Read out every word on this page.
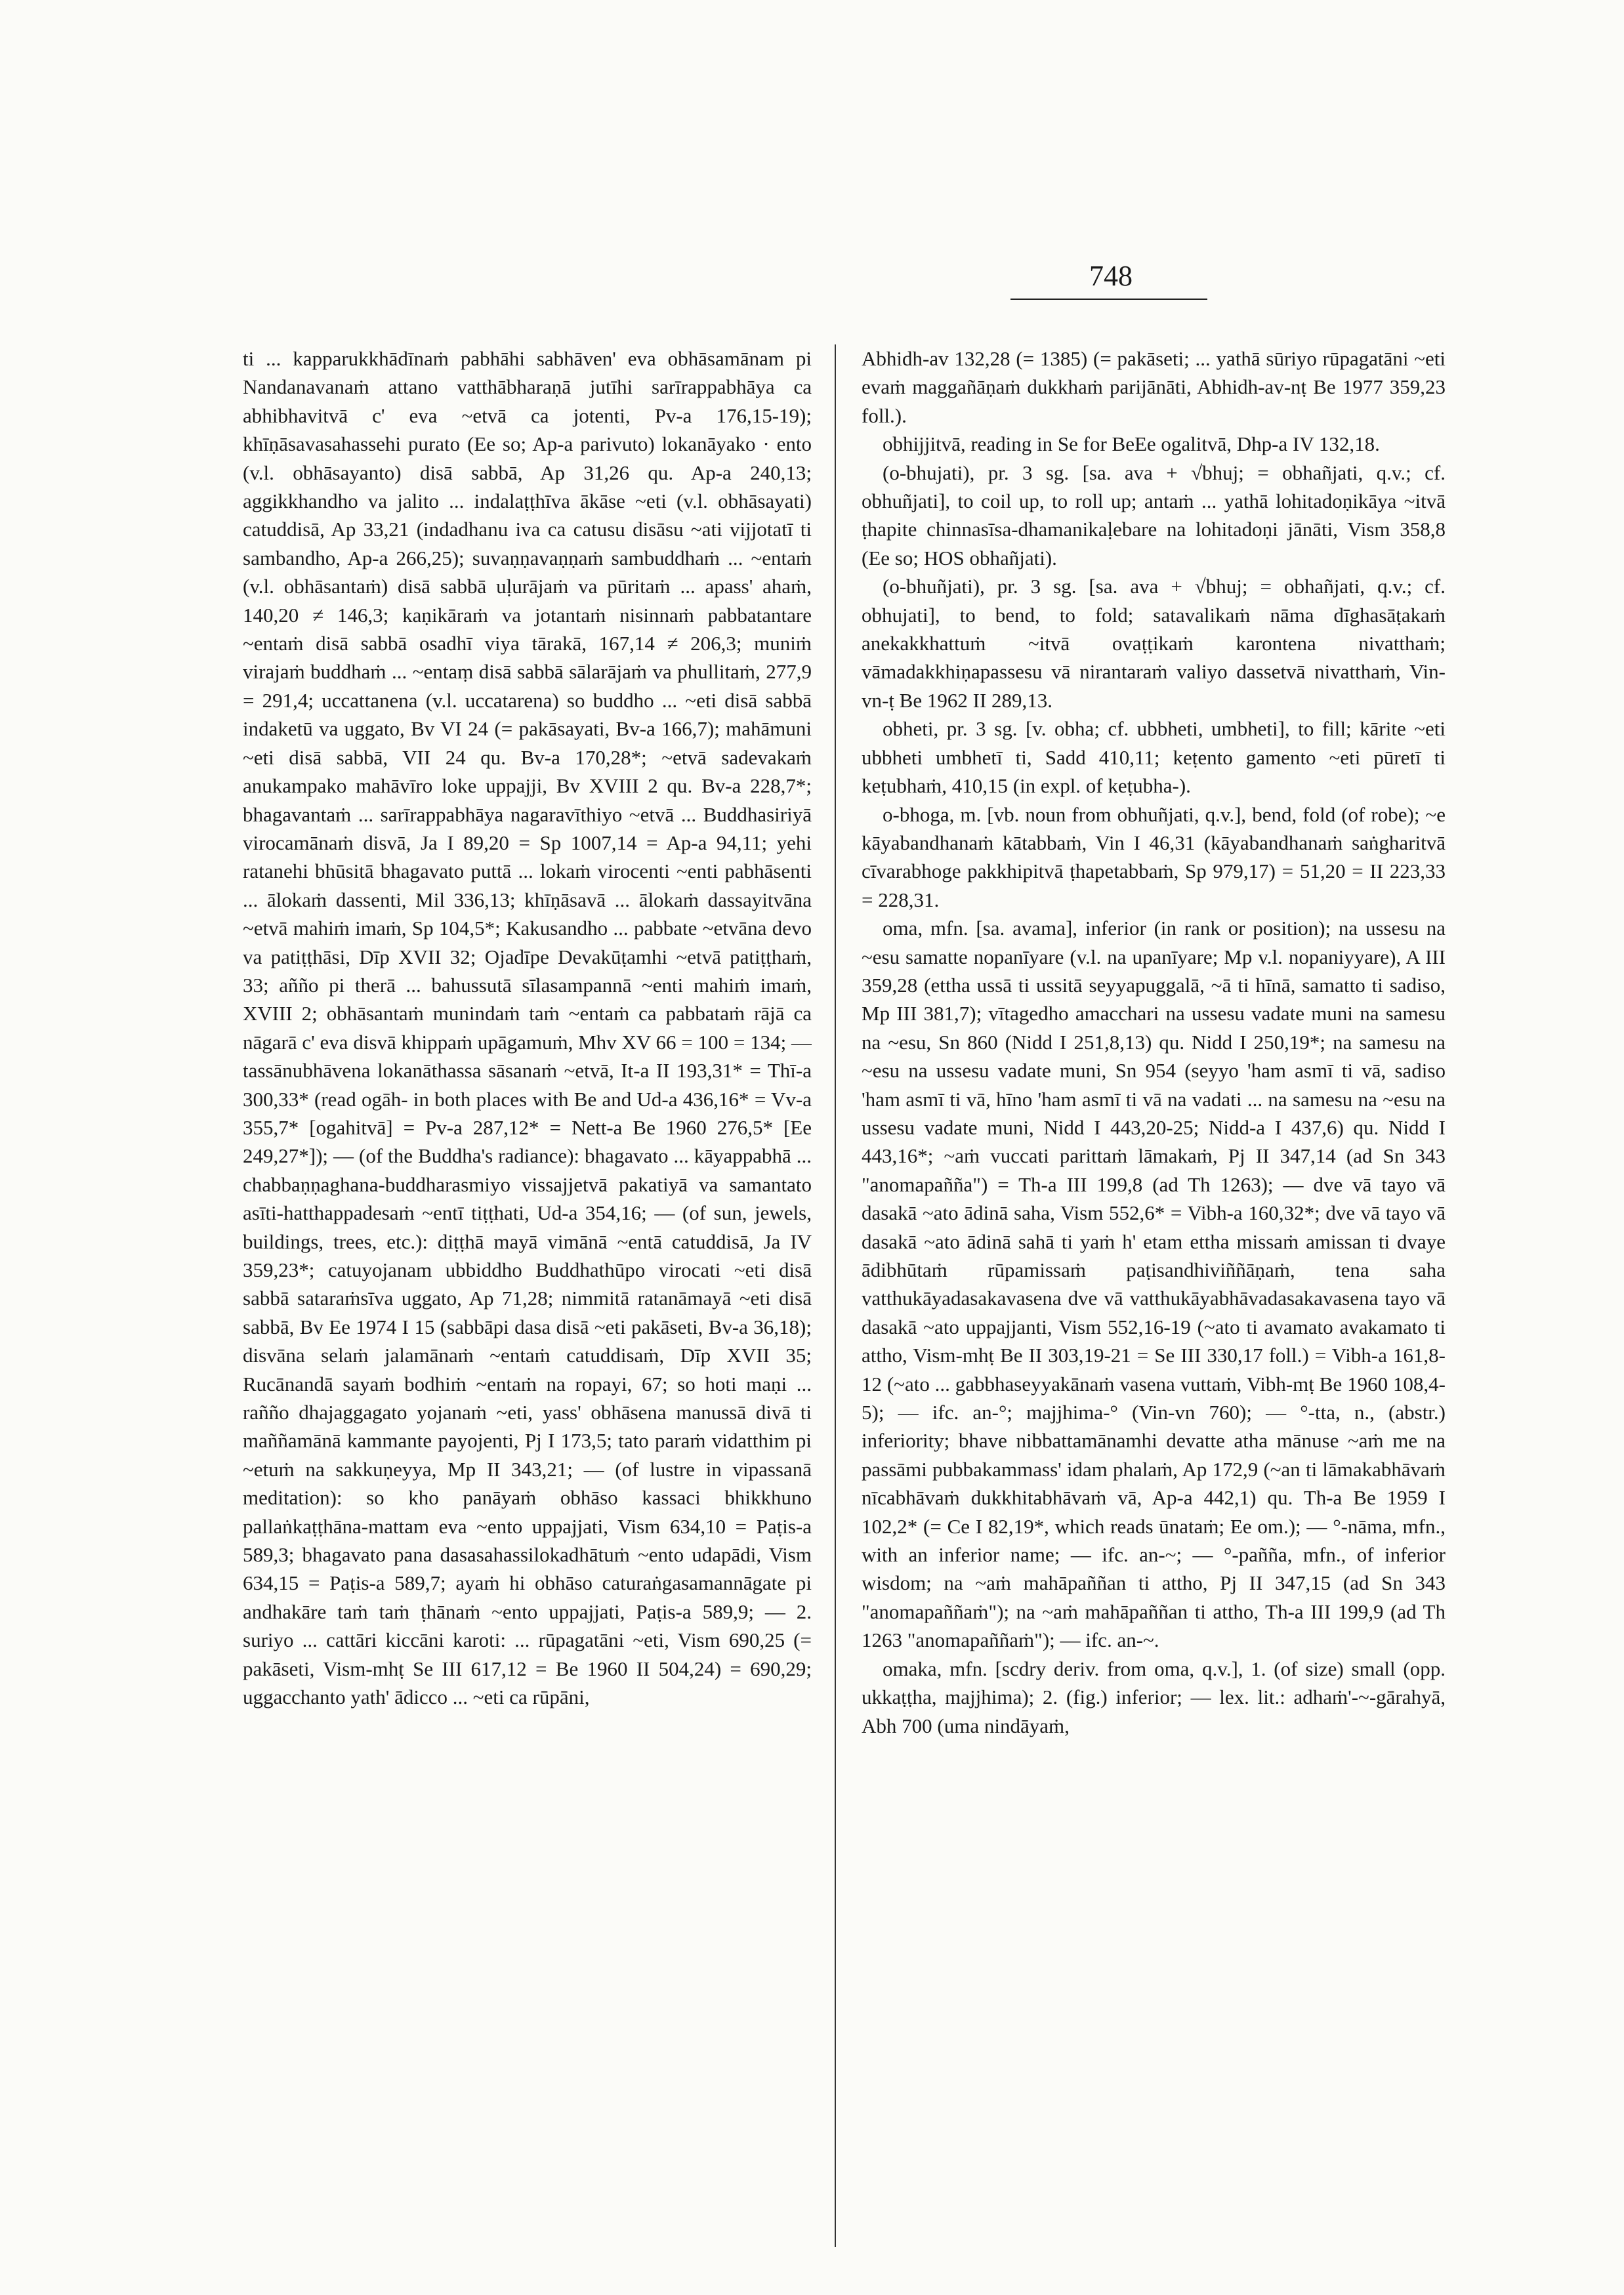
748

ti ... kapparukkhādīnaṁ pabhāhi sabhāven' eva obhāsamānam pi Nandanavanaṁ attano vatthābharaṇā jutīhi sarīrappabhāya ca abhibhavitvā c' eva ~etvā ca jotenti, Pv-a 176,15-19); khīṇāsavasahassehi purato (Ee so; Ap-a parivuto) lokanāyako · ento (v.l. obhāsayanto) disā sabbā, Ap 31,26 qu. Ap-a 240,13; aggikkhandho va jalito ... indalaṭṭhīva ākāse ~eti (v.l. obhāsayati) catuddisā, Ap 33,21 (indadhanu iva ca catusu disāsu ~ati vijjotatī ti sambandho, Ap-a 266,25); suvaṇṇavaṇṇaṁ sambuddhaṁ ... ~entaṁ (v.l. obhāsantaṁ) disā sabbā uḷurājaṁ va pūritaṁ ... apass' ahaṁ, 140,20 ≠ 146,3; kaṇikāraṁ va jotantaṁ nisinnaṁ pabbatantare ~entaṁ disā sabbā osadhī viya tārakā, 167,14 ≠ 206,3; muniṁ virajaṁ buddhaṁ ... ~entaṃ disā sabbā sālarājaṁ va phullitaṁ, 277,9 = 291,4; uccattanena (v.l. uccatarena) so buddho ... ~eti disā sabbā indaketū va uggato, Bv VI 24 (= pakāsayati, Bv-a 166,7); mahāmuni ~eti disā sabbā, VII 24 qu. Bv-a 170,28*; ~etvā sadevakaṁ anukampako mahāvīro loke uppajji, Bv XVIII 2 qu. Bv-a 228,7*; bhagavantaṁ ... sarīrappabhāya nagaravīthiyo ~etvā ... Buddhasiriyā virocamānaṁ disvā, Ja I 89,20 = Sp 1007,14 = Ap-a 94,11; yehi ratanehi bhūsitā bhagavato puttā ... lokaṁ virocenti ~enti pabhāsenti ... ālokaṁ dassenti, Mil 336,13; khīṇāsavā ... ālokaṁ dassayitvāna ~etvā mahiṁ imaṁ, Sp 104,5*; Kakusandho ... pabbate ~etvāna devo va patiṭṭhāsi, Dīp XVII 32; Ojadīpe Devakūṭamhi ~etvā patiṭṭhaṁ, 33; añño pi therā ... bahussutā sīlasampannā ~enti mahiṁ imaṁ, XVIII 2; obhāsantaṁ munindaṁ taṁ ~entaṁ ca pabbataṁ rājā ca nāgarā c' eva disvā khippaṁ upāgamuṁ, Mhv XV 66 = 100 = 134; — tassānubhāvena lokanāthassa sāsanaṁ ~etvā, It-a II 193,31* = Thī-a 300,33* (read ogāh- in both places with Be and Ud-a 436,16* = Vv-a 355,7* [ogahitvā] = Pv-a 287,12* = Nett-a Be 1960 276,5* [Ee 249,27*]); — (of the Buddha's radiance): bhagavato ... kāyappabhā ... chabbaṇṇaghana-buddharasmiyo vissajjetvā pakatiyā va samantato asīti-hatthappadesaṁ ~entī tiṭṭhati, Ud-a 354,16; — (of sun, jewels, buildings, trees, etc.): diṭṭhā mayā vimānā ~entā catuddisā, Ja IV 359,23*; catuyojanam ubbiddho Buddhathūpo virocati ~eti disā sabbā sataraṁsīva uggato, Ap 71,28; nimmitā ratanāmayā ~eti disā sabbā, Bv Ee 1974 I 15 (sabbāpi dasa disā ~eti pakāseti, Bv-a 36,18); disvāna selaṁ jalamānaṁ ~entaṁ catuddisaṁ, Dīp XVII 35; Rucānandā sayaṁ bodhiṁ ~entaṁ na ropayi, 67; so hoti maṇi ... rañño dhajaggagato yojanaṁ ~eti, yass' obhāsena manussā divā ti maññamānā kammante payojenti, Pj I 173,5; tato paraṁ vidatthim pi ~etuṁ na sakkuṇeyya, Mp II 343,21; — (of lustre in vipassanā meditation): so kho panāyaṁ obhāso kassaci bhikkhuno pallaṅkaṭṭhāna-mattam eva ~ento uppajjati, Vism 634,10 = Paṭis-a 589,3; bhagavato pana dasasahassilokadhātuṁ ~ento udapādi, Vism 634,15 = Paṭis-a 589,7; ayaṁ hi obhāso caturaṅgasamannāgate pi andhakāre taṁ taṁ ṭhānaṁ ~ento uppajjati, Paṭis-a 589,9; — 2. suriyo ... cattāri kiccāni karoti: ... rūpagatāni ~eti, Vism 690,25 (= pakāseti, Vism-mhṭ Se III 617,12 = Be 1960 II 504,24) = 690,29; uggacchanto yath' ādicco ... ~eti ca rūpāni,

Abhidh-av 132,28 (= 1385) (= pakāseti; ... yathā sūriyo rūpagatāni ~eti evaṁ maggañāṇaṁ dukkhaṁ parijānāti, Abhidh-av-nṭ Be 1977 359,23 foll.).

obhijjitvā, reading in Se for BeEe ogalitvā, Dhp-a IV 132,18.

(o-bhujati), pr. 3 sg. [sa. ava + √bhuj; = obhañjati, q.v.; cf. obhuñjati], to coil up, to roll up; antaṁ ... yathā lohitadoṇikāya ~itvā ṭhapite chinnasīsa-dhamanikaḷebare na lohitadoṇi jānāti, Vism 358,8 (Ee so; HOS obhañjati).

(o-bhuñjati), pr. 3 sg. [sa. ava + √bhuj; = obhañjati, q.v.; cf. obhujati], to bend, to fold; satavalikaṁ nāma dīghasāṭakaṁ anekakkhattuṁ ~itvā ovaṭṭikaṁ karontena nivatthaṁ; vāmadakkhiṇapassesu vā nirantaraṁ valiyo dassetvā nivatthaṁ, Vin-vn-ṭ Be 1962 II 289,13.

obheti, pr. 3 sg. [v. obha; cf. ubbheti, umbheti], to fill; kārite ~eti ubbheti umbhetī ti, Sadd 410,11; keṭento gamento ~eti pūretī ti keṭubhaṁ, 410,15 (in expl. of keṭubha-).

o-bhoga, m. [vb. noun from obhuñjati, q.v.], bend, fold (of robe); ~e kāyabandhanaṁ kātabbaṁ, Vin I 46,31 (kāyabandhanaṁ saṅgharitvā cīvarabhoge pakkhipitvā ṭhapetabbaṁ, Sp 979,17) = 51,20 = II 223,33 = 228,31.

oma, mfn. [sa. avama], inferior (in rank or position); na ussesu na ~esu samatte nopanīyare (v.l. na upanīyare; Mp v.l. nopaniyyare), A III 359,28 (ettha ussā ti ussitā seyyapuggalā, ~ā ti hīnā, samatto ti sadiso, Mp III 381,7); vītagedho amacchari na ussesu vadate muni na samesu na ~esu, Sn 860 (Nidd I 251,8,13) qu. Nidd I 250,19*; na samesu na ~esu na ussesu vadate muni, Sn 954 (seyyo 'ham asmī ti vā, sadiso 'ham asmī ti vā, hīno 'ham asmī ti vā na vadati ... na samesu na ~esu na ussesu vadate muni, Nidd I 443,20-25; Nidd-a I 437,6) qu. Nidd I 443,16*; ~aṁ vuccati parittaṁ lāmakaṁ, Pj II 347,14 (ad Sn 343 "anomapañña") = Th-a III 199,8 (ad Th 1263); — dve vā tayo vā dasakā ~ato ādinā saha, Vism 552,6* = Vibh-a 160,32*; dve vā tayo vā dasakā ~ato ādinā sahā ti yaṁ h' etam ettha missaṁ amissan ti dvaye ādibhūtaṁ rūpamissaṁ paṭisandhiviññāṇaṁ, tena saha vatthukāyadasakavasena dve vā vatthukāyabhāvadasakavasena tayo vā dasakā ~ato uppajjanti, Vism 552,16-19 (~ato ti avamato avakamato ti attho, Vism-mhṭ Be II 303,19-21 = Se III 330,17 foll.) = Vibh-a 161,8-12 (~ato ... gabbhaseyyakānaṁ vasena vuttaṁ, Vibh-mṭ Be 1960 108,4-5); — ifc. an-°; majjhima-° (Vin-vn 760); — °-tta, n., (abstr.) inferiority; bhave nibbattamānamhi devatte atha mānuse ~aṁ me na passāmi pubbakammass' idam phalaṁ, Ap 172,9 (~an ti lāmakabhāvaṁ nīcabhāvaṁ dukkhitabhāvaṁ vā, Ap-a 442,1) qu. Th-a Be 1959 I 102,2* (= Ce I 82,19*, which reads ūnataṁ; Ee om.); — °-nāma, mfn., with an inferior name; — ifc. an-~; — °-pañña, mfn., of inferior wisdom; na ~aṁ mahāpaññan ti attho, Pj II 347,15 (ad Sn 343 "anomapaññaṁ"); na ~aṁ mahāpaññan ti attho, Th-a III 199,9 (ad Th 1263 "anomapaññaṁ"); — ifc. an-~.

omaka, mfn. [scdry deriv. from oma, q.v.], 1. (of size) small (opp. ukkaṭṭha, majjhima); 2. (fig.) inferior; — lex. lit.: adhaṁ'-~-gārahyā, Abh 700 (uma nindāyaṁ,
